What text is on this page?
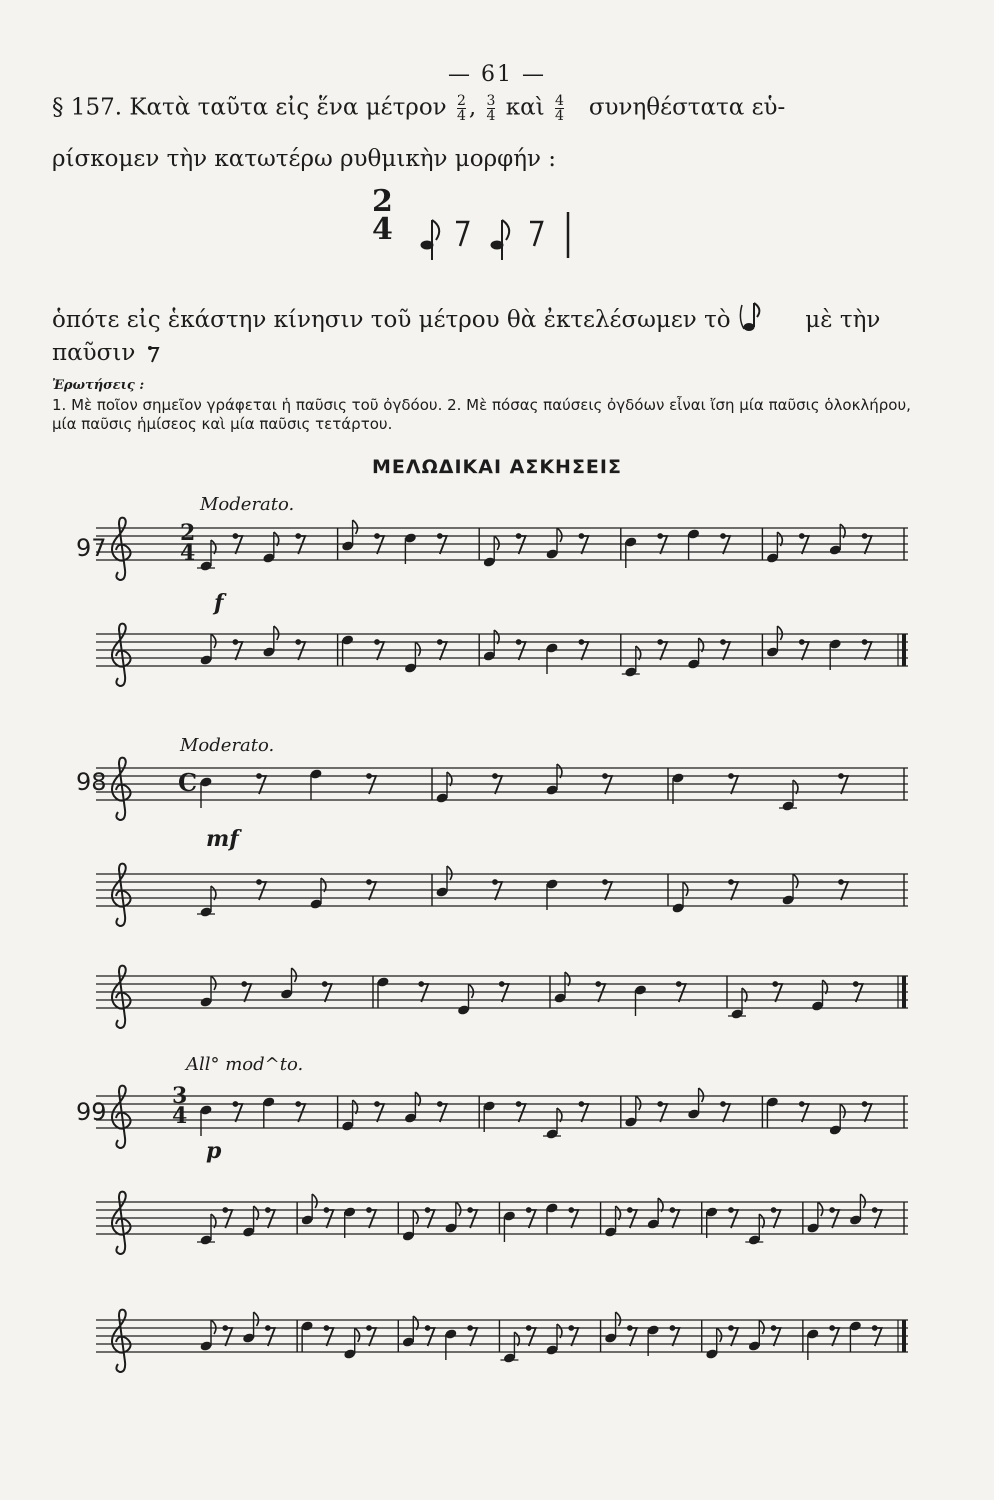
— 61 —
§ 157. Κατὰ ταῦτα εἰς ἕνα μέτρον $\frac{2}{4}$ , $\frac{3}{4}$ καὶ $\frac{4}{4}$ συνηθέστατα εὑ-
ρίσκομεν τὴν κατωτέρω ρυθμικὴν μορφήν :
2
4
ὁπότε εἰς ἑκάστην κίνησιν τοῦ μέτρου θὰ ἐκτελέσωμεν τὸ	μὲ τὴν
παῦσιν
Ἐρωτήσεις :
1. Μὲ ποῖον σημεῖον γράφεται ἡ παῦσις τοῦ ὀγδόου. 2. Μὲ πόσας παύσεις ὀγδόων εἶναι ἴση μία παῦσις ὁλοκλήρου, μία παῦσις ἡμίσεος καὶ μία παῦσις τετάρτου.
ΜΕΛΩΔΙΚΑΙ ΑΣΚΗΣΕΙΣ
Moderato.
97
2
4
f
Moderato.
98	C
mf
All° mod^to.
99
3
4
p
